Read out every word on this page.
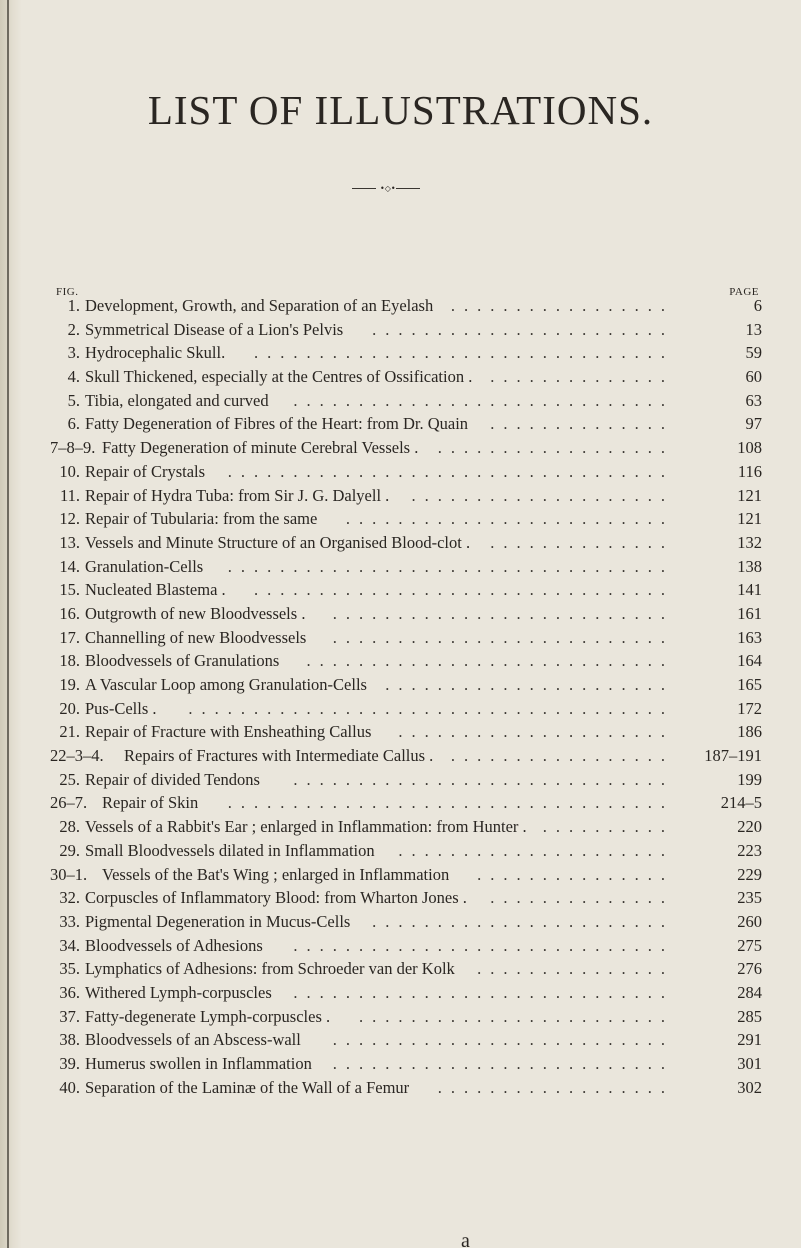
LIST OF ILLUSTRATIONS.
•◇•
FIG.	PAGE
1. Development, Growth, and Separation of an Eyelash	.................	6
2. Symmetrical Disease of a Lion's Pelvis	.......................	13
3. Hydrocephalic Skull.	................................	59
4. Skull Thickened, especially at the Centres of Ossification .	..............	60
5. Tibia, elongated and curved	.............................	63
6. Fatty Degeneration of Fibres of the Heart: from Dr. Quain	..............	97
7–8–9. Fatty Degeneration of minute Cerebral Vessels .	..................	108
10. Repair of Crystals	..................................	116
11. Repair of Hydra Tuba: from Sir J. G. Dalyell .	....................	121
12. Repair of Tubularia: from the same	.........................	121
13. Vessels and Minute Structure of an Organised Blood-clot .	..............	132
14. Granulation-Cells	..................................	138
15. Nucleated Blastema .	................................	141
16. Outgrowth of new Bloodvessels .	..........................	161
17. Channelling of new Bloodvessels	..........................	163
18. Bloodvessels of Granulations	............................	164
19. A Vascular Loop among Granulation-Cells	......................	165
20. Pus-Cells .	.....................................	172
21. Repair of Fracture with Ensheathing Callus	.....................	186
22–3–4. Repairs of Fractures with Intermediate Callus .	.................	187–191
25. Repair of divided Tendons	.............................	199
26–7. Repair of Skin	..................................	214–5
28. Vessels of a Rabbit's Ear ; enlarged in Inflammation: from Hunter . ..........	220
29. Small Bloodvessels dilated in Inflammation	.....................	223
30–1. Vessels of the Bat's Wing ; enlarged in Inflammation	...............	229
32. Corpuscles of Inflammatory Blood: from Wharton Jones .	..............	235
33. Pigmental Degeneration in Mucus-Cells	.......................	260
34. Bloodvessels of Adhesions	.............................	275
35. Lymphatics of Adhesions: from Schroeder van der Kolk	...............	276
36. Withered Lymph-corpuscles	.............................	284
37. Fatty-degenerate Lymph-corpuscles .	........................	285
38. Bloodvessels of an Abscess-wall	..........................	291
39. Humerus swollen in Inflammation	..........................	301
40. Separation of the Laminæ of the Wall of a Femur	..................	302
a
